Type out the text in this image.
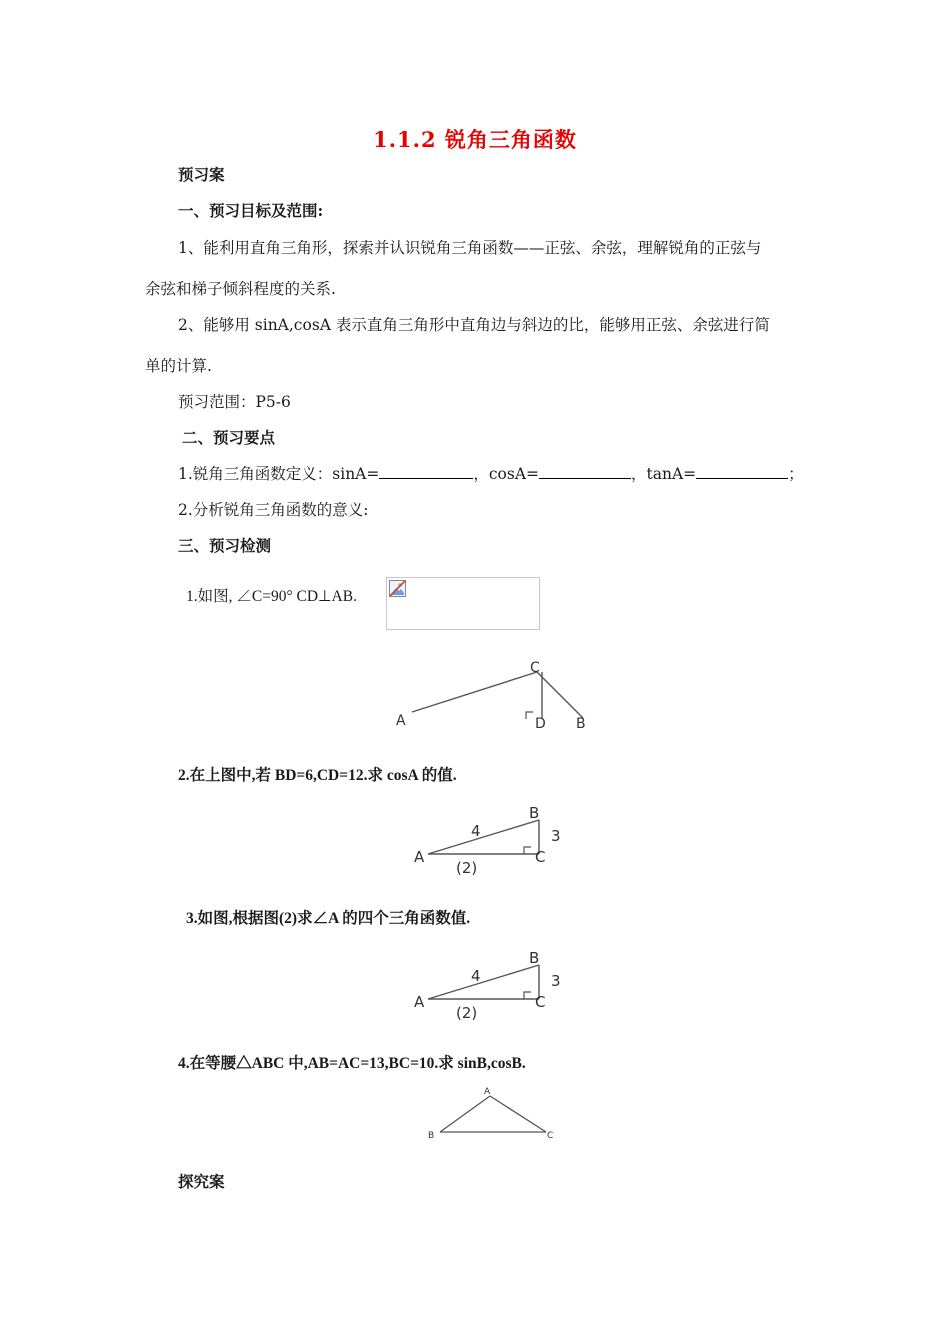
1.1.2 锐角三角函数
预习案
一、预习目标及范围:
1、能利用直角三角形，探索并认识锐角三角函数——正弦、余弦，理解锐角的正弦与
余弦和梯子倾斜程度的关系.
2、能够用 sinA,cosA 表示直角三角形中直角边与斜边的比，能够用正弦、余弦进行简
单的计算.
预习范围：P5-6
二、预习要点
1.锐角三角函数定义：sinA=	，cosA=	，tanA=	；
2.分析锐角三角函数的意义:
三、预习检测
1.如图, ∠C=90° CD⊥AB.
C
A	D B
2.在上图中,若 BD=6,CD=12.求 cosA 的值.
B
A	C
4	3
(2)
3.如图,根据图(2)求∠A 的四个三角函数值.
B
A	C
4	3
(2)
4.在等腰△ABC 中,AB=AC=13,BC=10.求 sinB,cosB.
A
B	C
探究案
